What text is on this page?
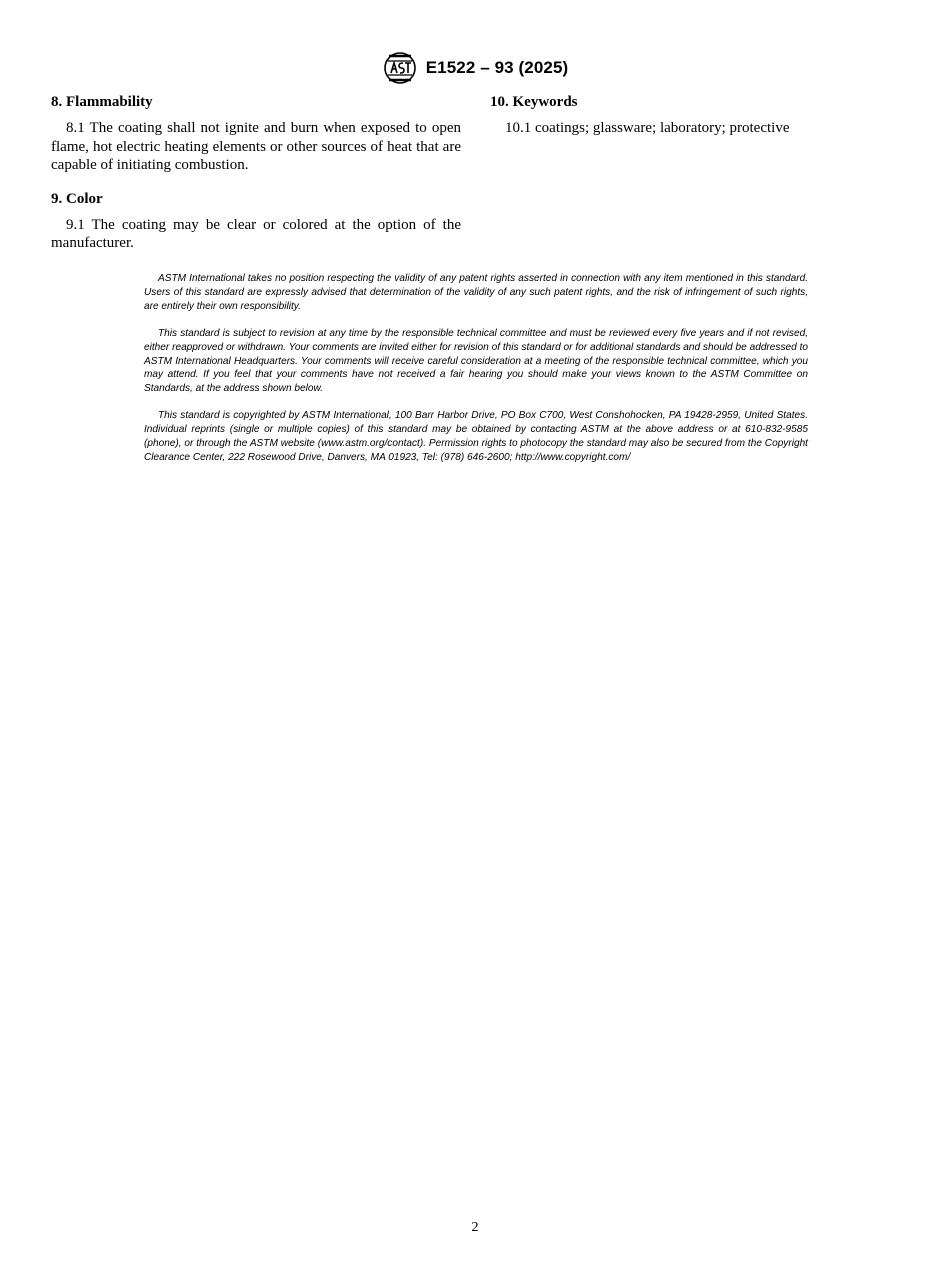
E1522 – 93 (2025)
8. Flammability

8.1 The coating shall not ignite and burn when exposed to open flame, hot electric heating elements or other sources of heat that are capable of initiating combustion.

9. Color

9.1 The coating may be clear or colored at the option of the manufacturer.

10. Keywords

10.1 coatings; glassware; laboratory; protective

ASTM International takes no position respecting the validity of any patent rights asserted in connection with any item mentioned in this standard. Users of this standard are expressly advised that determination of the validity of any such patent rights, and the risk of infringement of such rights, are entirely their own responsibility.

This standard is subject to revision at any time by the responsible technical committee and must be reviewed every five years and if not revised, either reapproved or withdrawn. Your comments are invited either for revision of this standard or for additional standards and should be addressed to ASTM International Headquarters. Your comments will receive careful consideration at a meeting of the responsible technical committee, which you may attend. If you feel that your comments have not received a fair hearing you should make your views known to the ASTM Committee on Standards, at the address shown below.

This standard is copyrighted by ASTM International, 100 Barr Harbor Drive, PO Box C700, West Conshohocken, PA 19428-2959, United States. Individual reprints (single or multiple copies) of this standard may be obtained by contacting ASTM at the above address or at 610-832-9585 (phone), or through the ASTM website (www.astm.org/contact). Permission rights to photocopy the standard may also be secured from the Copyright Clearance Center, 222 Rosewood Drive, Danvers, MA 01923, Tel: (978) 646-2600; http://www.copyright.com/

2
